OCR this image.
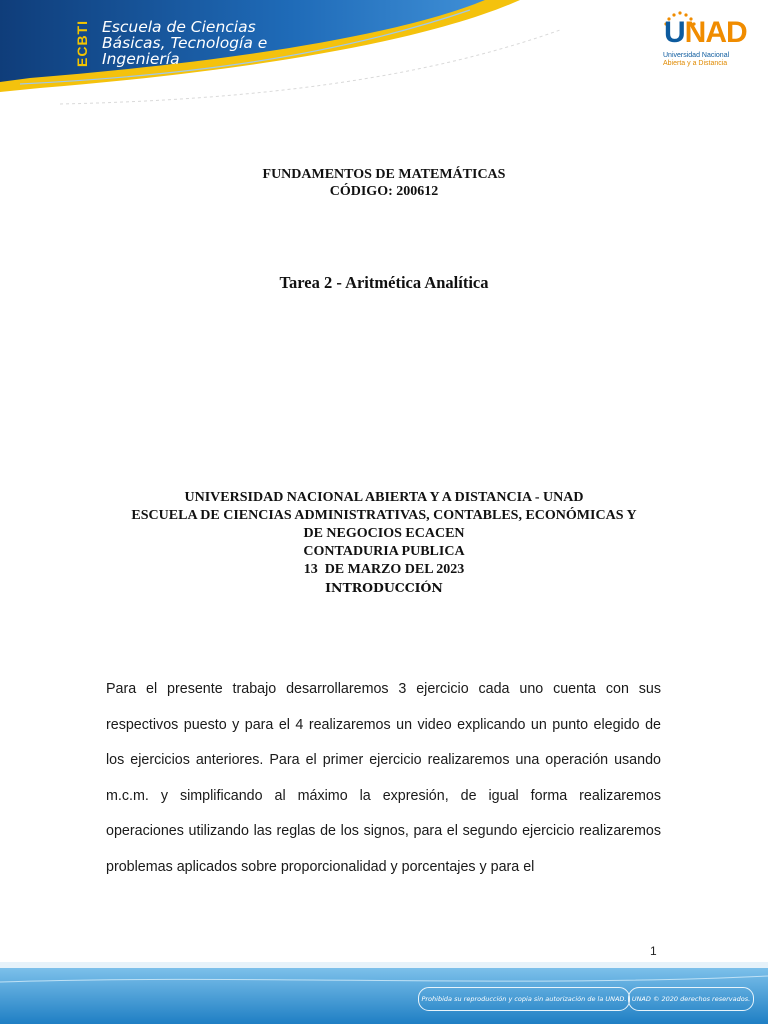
ECBTI Escuela de Ciencias
Básicas, Tecnología e
Ingeniería
UNAD
Universidad Nacional
Abierta y a Distancia
FUNDAMENTOS DE MATEMÁTICAS
CÓDIGO: 200612
Tarea 2 - Aritmética Analítica
UNIVERSIDAD NACIONAL ABIERTA Y A DISTANCIA - UNAD
ESCUELA DE CIENCIAS ADMINISTRATIVAS, CONTABLES, ECONÓMICAS Y
DE NEGOCIOS ECACEN
CONTADURIA PUBLICA
13  DE MARZO DEL 2023
INTRODUCCIÓN
Para el presente trabajo desarrollaremos 3 ejercicio cada uno cuenta con sus respectivos puesto y para el 4 realizaremos un video explicando un punto elegido de los ejercicios anteriores. Para el primer ejercicio realizaremos una operación usando m.c.m. y simplificando al máximo la expresión, de igual forma realizaremos operaciones utilizando las reglas de los signos, para el segundo ejercicio realizaremos problemas aplicados sobre proporcionalidad y porcentajes y para el
1
Prohibida su reproducción y copia sin autorización de la UNAD. UNAD © 2020 derechos reservados.
